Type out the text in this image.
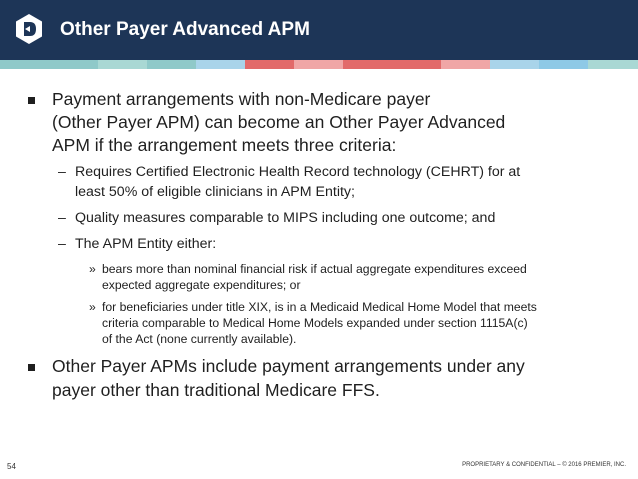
Other Payer Advanced APM
Payment arrangements with non-Medicare payer
(Other Payer APM) can become an Other Payer Advanced
APM if the arrangement meets three criteria:
– Requires Certified Electronic Health Record technology (CEHRT) for at
least 50% of eligible clinicians in APM Entity;
– Quality measures comparable to MIPS including one outcome; and
– The APM Entity either:
» bears more than nominal financial risk if actual aggregate expenditures exceed
expected aggregate expenditures; or
» for beneficiaries under title XIX, is in a Medicaid Medical Home Model that meets
criteria comparable to Medical Home Models expanded under section 1115A(c)
of the Act (none currently available).
Other Payer APMs include payment arrangements under any
payer other than traditional Medicare FFS.
54	PROPRIETARY & CONFIDENTIAL – © 2016 PREMIER, INC.
